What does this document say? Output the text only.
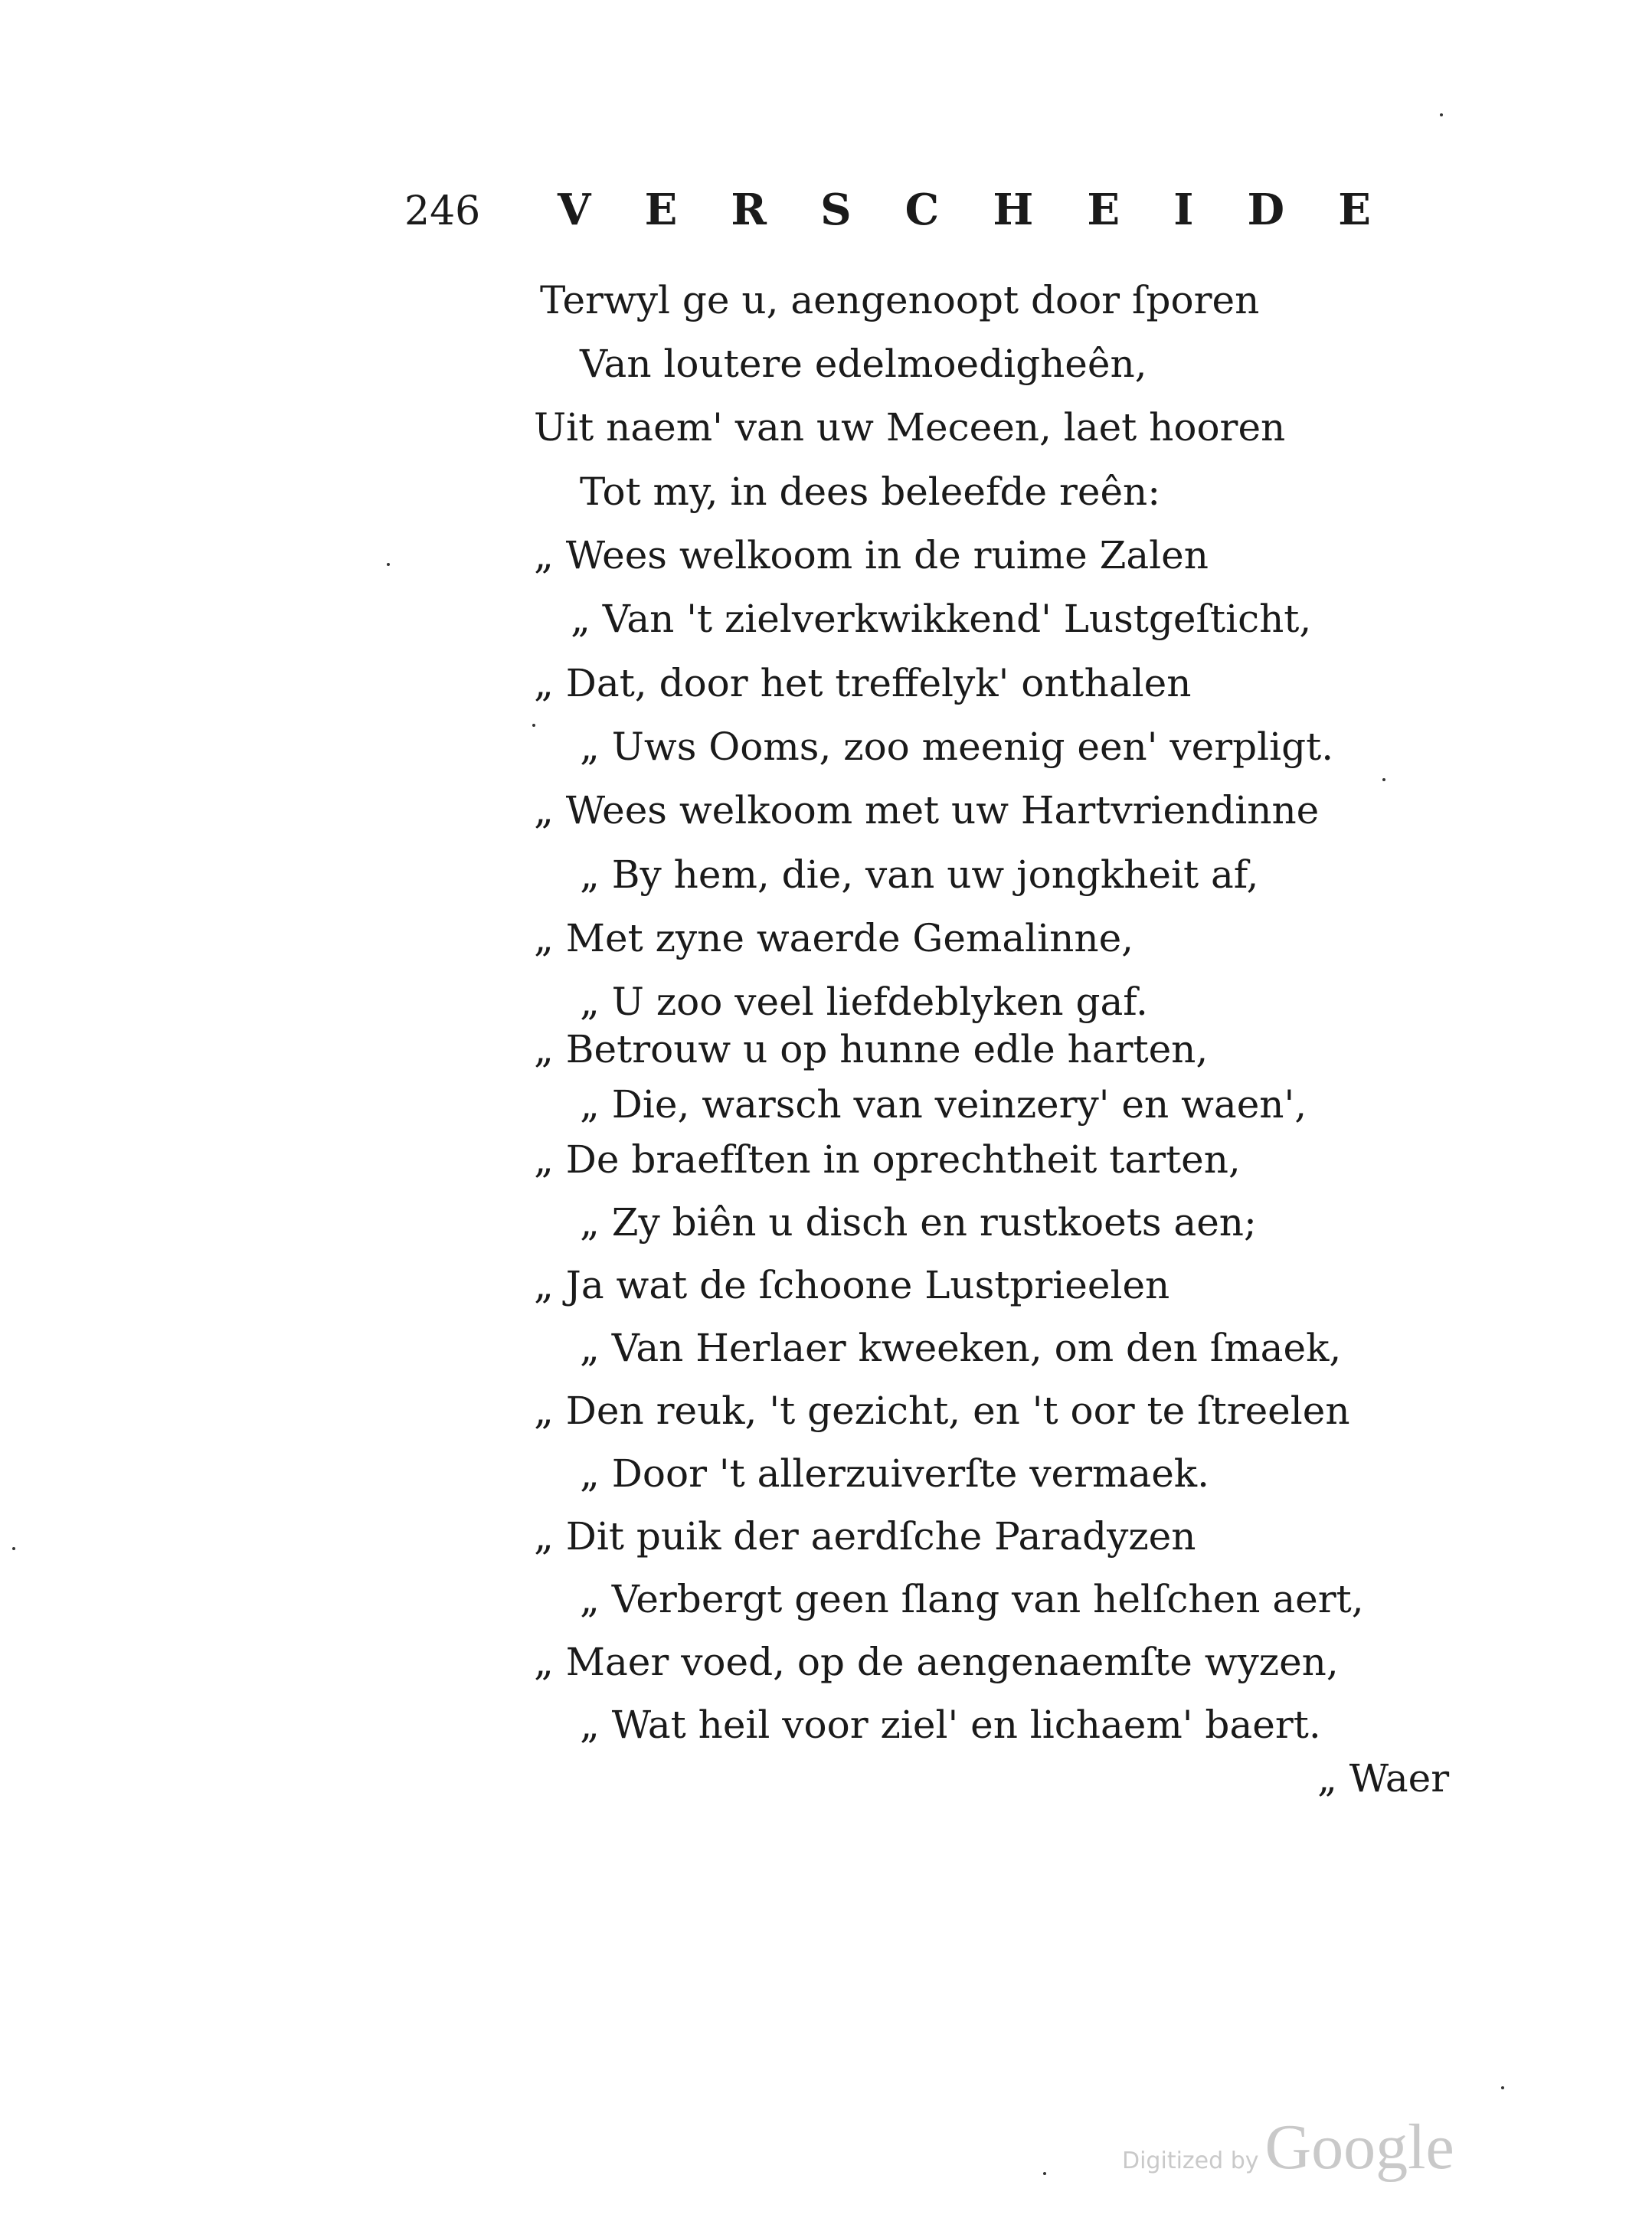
246 V E R S C H E I D E
Terwyl ge u, aengenoopt door ſporen
Van loutere edelmoedigheên,
Uit naem' van uw Meceen, laet hooren
Tot my, in dees beleefde reên:
„ Wees welkoom in de ruime Zalen
„ Van 't zielverkwikkend' Lustgeſticht,
„ Dat, door het treffelyk' onthalen
„ Uws Ooms, zoo meenig een' verpligt.
„ Wees welkoom met uw Hartvriendinne
„ By hem, die, van uw jongkheit af,
„ Met zyne waerde Gemalinne,
„ U zoo veel liefdeblyken gaf.
„ Betrouw u op hunne edle harten,
„ Die, warsch van veinzery' en waen',
„ De braefſten in oprechtheit tarten,
„ Zy biên u disch en rustkoets aen;
„ Ja wat de ſchoone Lustprieelen
„ Van Herlaer kweeken, om den ſmaek,
„ Den reuk, 't gezicht, en 't oor te ſtreelen
„ Door 't allerzuiverſte vermaek.
„ Dit puik der aerdſche Paradyzen
„ Verbergt geen ſlang van helſchen aert,
„ Maer voed, op de aengenaemſte wyzen,
„ Wat heil voor ziel' en lichaem' baert.
„ Waer
Digitized byGoogle
